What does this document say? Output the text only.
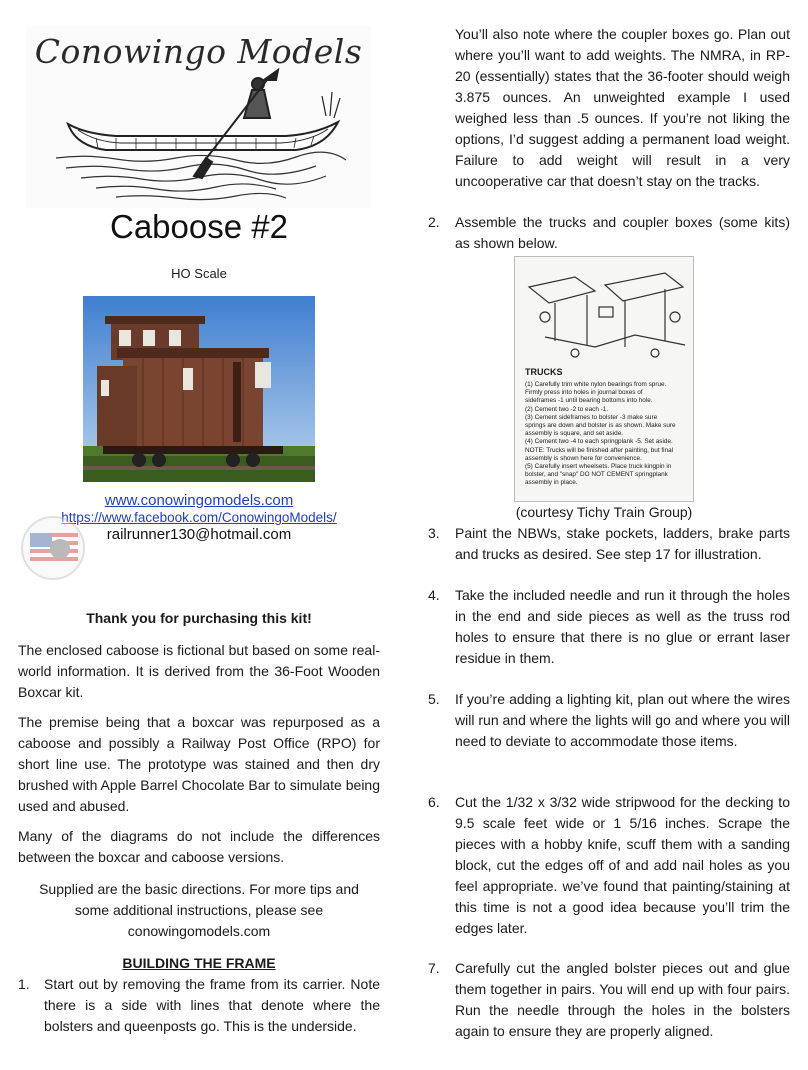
Conowingo Models
Caboose #2
HO Scale
www.conowingomodels.com
https://www.facebook.com/ConowingoModels/
railrunner130@hotmail.com
Thank you for purchasing this kit!
The enclosed caboose is fictional but based on some real-world information. It is derived from the 36-Foot Wooden Boxcar kit.
The premise being that a boxcar was repurposed as a caboose and possibly a Railway Post Office (RPO) for short line use. The prototype was stained and then dry brushed with Apple Barrel Chocolate Bar to simulate being used and abused.
Many of the diagrams do not include the differences between the boxcar and caboose versions.
Supplied are the basic directions. For more tips and some additional instructions, please see conowingomodels.com
BUILDING THE FRAME
1. Start out by removing the frame from its carrier. Note there is a side with lines that denote where the bolsters and queenposts go. This is the underside.
You’ll also note where the coupler boxes go. Plan out where you’ll want to add weights. The NMRA, in RP-20 (essentially) states that the 36-footer should weigh 3.875 ounces. An unweighted example I used weighed less than .5 ounces. If you’re not liking the options, I’d suggest adding a permanent load weight. Failure to add weight will result in a very uncooperative car that doesn’t stay on the tracks.
2. Assemble the trucks and coupler boxes (some kits) as shown below.
TRUCKS
(1) Carefully trim white nylon bearings from sprue.
Firmly press into holes in journal boxes of
sideframes -1 until bearing bottoms into hole.
(2) Cement two -2 to each -1.
(3) Cement sideframes to bolster -3 make sure
springs are down and bolster is as shown. Make sure
assembly is square, and set aside.
(4) Cement two -4 to each springplank -5. Set aside.
NOTE: Trucks will be finished after painting, but final
assembly is shown here for convenience.
(5) Carefully insert wheelsets. Place truck kingpin in
bolster, and "snap" DO NOT CEMENT springplank
assembly in place.
(courtesy Tichy Train Group)
3. Paint the NBWs, stake pockets, ladders, brake parts and trucks as desired. See step 17 for illustration.
4. Take the included needle and run it through the holes in the end and side pieces as well as the truss rod holes to ensure that there is no glue or errant laser residue in them.
5. If you’re adding a lighting kit, plan out where the wires will run and where the lights will go and where you will need to deviate to accommodate those items.
6. Cut the 1/32 x 3/32 wide stripwood for the decking to 9.5 scale feet wide or 1 5/16 inches. Scrape the pieces with a hobby knife, scuff them with a sanding block, cut the edges off of and add nail holes as you feel appropriate. we’ve found that painting/staining at this time is not a good idea because you’ll trim the edges later.
7. Carefully cut the angled bolster pieces out and glue them together in pairs. You will end up with four pairs. Run the needle through the holes in the bolsters again to ensure they are properly aligned.
